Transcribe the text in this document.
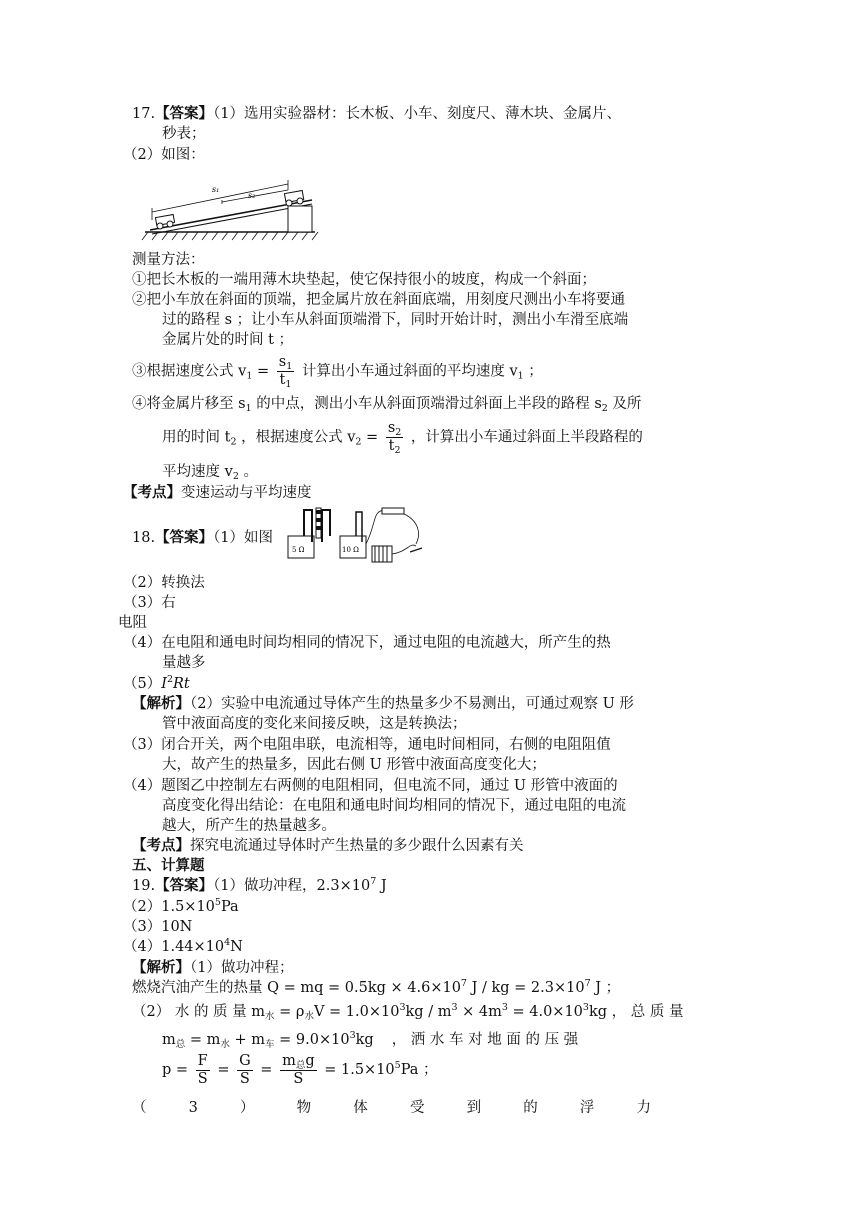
17.【答案】（1）选用实验器材：长木板、小车、刻度尺、薄木块、金属片、
秒表；
（2）如图：
s₁
s₂
测量方法：
①把长木板的一端用薄木块垫起，使它保持很小的坡度，构成一个斜面；
②把小车放在斜面的顶端，把金属片放在斜面底端，用刻度尺测出小车将要通
过的路程 s ；让小车从斜面顶端滑下，同时开始计时，测出小车滑至底端
金属片处的时间 t ；
③根据速度公式 $v_1 = \frac{s_1}{t_1}$ 计算出小车通过斜面的平均速度 $v_1$ ；
④将金属片移至 $s_1$ 的中点，测出小车从斜面顶端滑过斜面上半段的路程 $s_2$ 及所
用的时间 $t_2$ ，根据速度公式 $v_2 = \frac{s_2}{t_2}$ ，计算出小车通过斜面上半段路程的
平均速度 $v_2$ 。
【考点】变速运动与平均速度
18.【答案】（1）如图
5 Ω	10 Ω
（2）转换法
（3）右
电阻
（4）在电阻和通电时间均相同的情况下，通过电阻的电流越大，所产生的热
量越多
$(5)I^2Rt$
【解析】（2）实验中电流通过导体产生的热量多少不易测出，可通过观察 U 形
管中液面高度的变化来间接反映，这是转换法；
（3）闭合开关，两个电阻串联，电流相等，通电时间相同，右侧的电阻阻值
大，故产生的热量多，因此右侧 U 形管中液面高度变化大；
（4）题图乙中控制左右两侧的电阻相同，但电流不同，通过 U 形管中液面的
高度变化得出结论：在电阻和通电时间均相同的情况下，通过电阻的电流
越大，所产生的热量越多。
【考点】探究电流通过导体时产生热量的多少跟什么因素有关
五、计算题
19.【答案】（1）做功冲程，$2.3\times 10^7$ J
$(2)1.5\times 10^5Pa$
（3）10N
$(4)1.44\times 10^4N$
【解析】（1）做功冲程；
燃烧汽油产生的热量 Q = mq = $0.5kg \times 4.6\times 10^7$ J / kg = $2.3\times 10^7$ J ；
（2） 水 的 质 量 $m_水 = \rho_水V = 1.0\times 10^3kg / m^3 \times 4m^3 = 4.0\times 10^3kg$ ， 总 质 量
$m_总 = m_水 + m_车 = 9.0\times 10^3kg$ ， 洒 水 车 对 地 面 的 压 强
$p = \frac{F}{S} = \frac{G}{S} = \frac{m_总g}{S} = 1.5\times 10^5Pa$ ；
（	3	）	物	体	受	到	的	浮	力
